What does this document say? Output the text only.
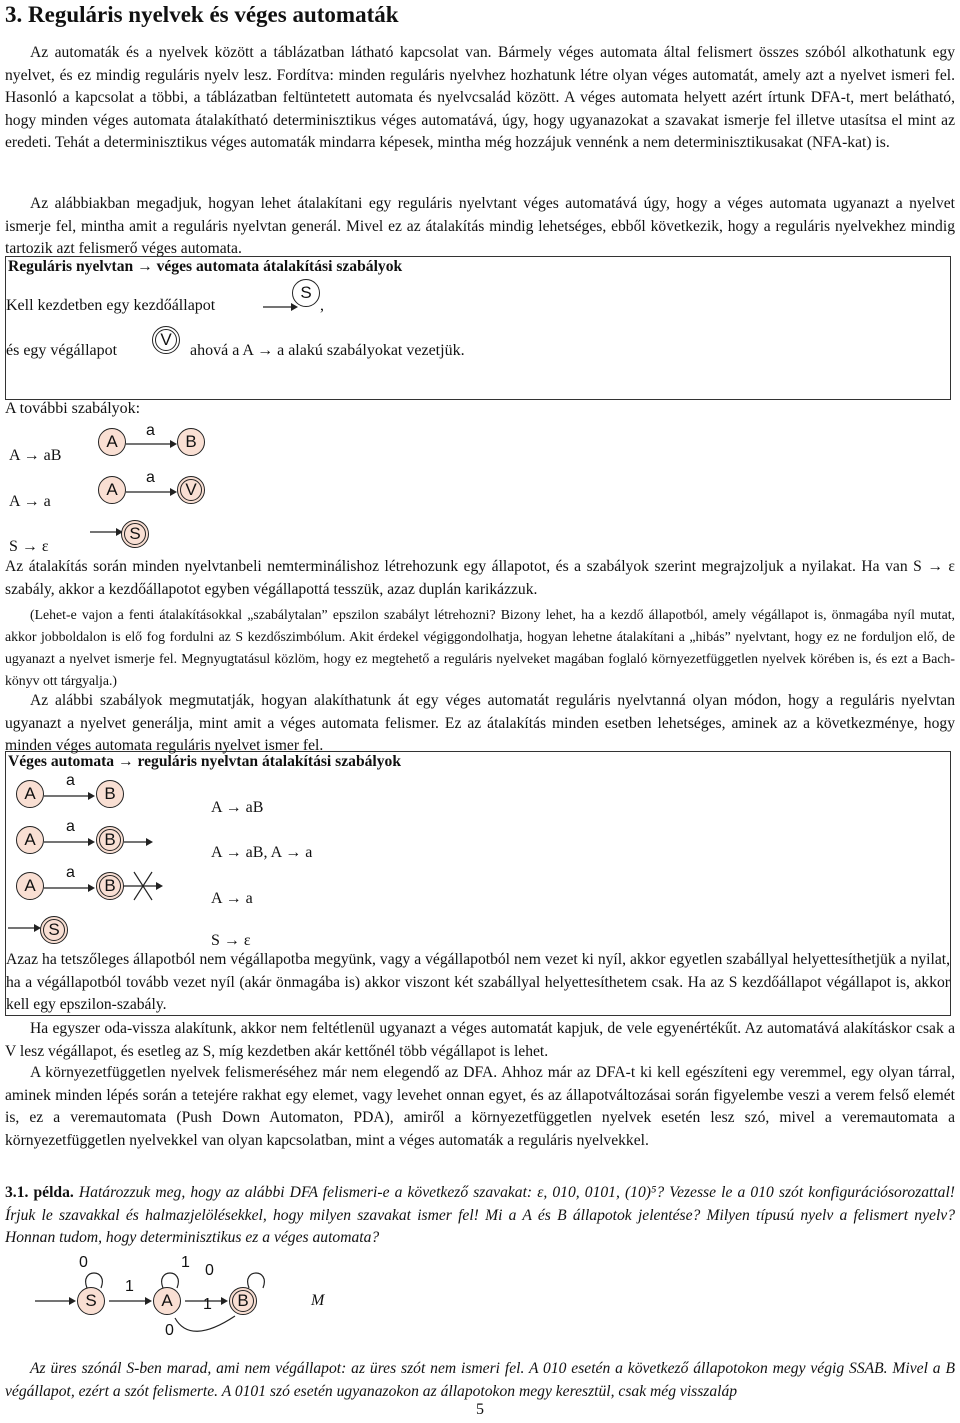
3. Reguláris nyelvek és véges automaták

Az automaták és a nyelvek között a táblázatban látható kapcsolat van. Bármely véges automata által felismert összes szóból alkothatunk egy nyelvet, és ez mindig reguláris nyelv lesz. Fordítva: minden reguláris nyelvhez hozhatunk létre olyan véges automatát, amely azt a nyelvet ismeri fel. Hasonló a kapcsolat a többi, a táblázatban feltüntetett automata és nyelvcsalád között. A véges automata helyett azért írtunk DFA-t, mert belátható, hogy minden véges automata átalakítható determinisztikus véges automatává, úgy, hogy ugyanazokat a szavakat ismerje fel illetve utasítsa el mint az eredeti. Tehát a determinisztikus véges automaták mindarra képesek, mintha még hozzájuk vennénk a nem determinisztikusakat (NFA-kat) is.

Az alábbiakban megadjuk, hogyan lehet átalakítani egy reguláris nyelvtant véges automatává úgy, hogy a véges automata ugyanazt a nyelvet ismerje fel, mintha amit a reguláris nyelvtan generál. Mivel ez az átalakítás mindig lehetséges, ebből következik, hogy a reguláris nyelvekhez mindig tartozik azt felismerő véges automata.

Reguláris nyelvtan → véges automata átalakítási szabályok
Kell kezdetben egy kezdőállapot
S
,
és egy végállapot
V
ahová a A → a alakú szabályokat vezetjük.
A további szabályok:
A → aB
A
a
B
A → a
A
a
V
S → ε
S

Az átalakítás során minden nyelvtanbeli nemterminálishoz létrehozunk egy állapotot, és a szabályok szerint megrajzoljuk a nyilakat. Ha van S → ε szabály, akkor a kezdőállapotot egyben végállapottá tesszük, azaz duplán karikázzuk.

(Lehet-e vajon a fenti átalakításokkal „szabálytalan” epszilon szabályt létrehozni? Bizony lehet, ha a kezdő állapotból, amely végállapot is, önmagába nyíl mutat, akkor jobboldalon is elő fog fordulni az S kezdőszimbólum. Akit érdekel végiggondolhatja, hogyan lehetne átalakítani a „hibás” nyelvtant, hogy ez ne forduljon elő, de ugyanazt a nyelvet ismerje fel. Megnyugtatásul közlöm, hogy ez megtehető a reguláris nyelveket magában foglaló környezetfüggetlen nyelvek körében is, és ezt a Bach-könyv ott tárgyalja.)

Az alábbi szabályok megmutatják, hogyan alakíthatunk át egy véges automatát reguláris nyelvtanná olyan módon, hogy a reguláris nyelvtan ugyanazt a nyelvet generálja, mint amit a véges automata felismer. Ez az átalakítás minden esetben lehetséges, aminek az a következménye, hogy minden véges automata reguláris nyelvet ismer fel.

Véges automata → reguláris nyelvtan átalakítási szabályok
A
a
B
A → aB
A
a
B
A → aB, A → a
A
a
B
A → a
S
S → ε

Azaz ha tetszőleges állapotból nem végállapotba megyünk, vagy a végállapotból nem vezet ki nyíl, akkor egyetlen szabállyal helyettesíthetjük a nyilat, ha a végállapotból tovább vezet nyíl (akár önmagába is) akkor viszont két szabállyal helyettesíthetem csak. Ha az S kezdőállapot végállapot is, akkor kell egy epszilon-szabály.

Ha egyszer oda-vissza alakítunk, akkor nem feltétlenül ugyanazt a véges automatát kapjuk, de vele egyenértékűt. Az automatává alakításkor csak a V lesz végállapot, és esetleg az S, míg kezdetben akár kettőnél több végállapot is lehet.

A környezetfüggetlen nyelvek felismeréséhez már nem elegendő az DFA. Ahhoz már az DFA-t ki kell egészíteni egy veremmel, egy olyan tárral, aminek minden lépés során a tetejére rakhat egy elemet, vagy levehet onnan egyet, és az állapotváltozásai során figyelembe veszi a verem felső elemét is, ez a veremautomata (Push Down Automaton, PDA), amiről a környezetfüggetlen nyelvek esetén lesz szó, mivel a veremautomata a környezetfüggetlen nyelvekkel van olyan kapcsolatban, mint a véges automaták a reguláris nyelvekkel.

3.1. példa. Határozzuk meg, hogy az alábbi DFA felismeri-e a következő szavakat: ε, 010, 0101, (10)⁵? Vezesse le a 010 szót konfigurációsorozattal! Írjuk le szavakkal és halmazjelölésekkel, hogy milyen szavakat ismer fel! Mi a A és B állapotok jelentése? Milyen típusú nyelv a felismert nyelv? Honnan tudom, hogy determinisztikus ez a véges automata?

0	1 0
1
1
0
S	A	B	M

Az üres szónál S-ben marad, ami nem végállapot: az üres szót nem ismeri fel. A 010 esetén a következő állapotokon megy végig SSAB. Mivel a B végállapot, ezért a szót felismerte. A 0101 szó esetén ugyanazokon az állapotokon megy keresztül, csak még visszaláp

5
